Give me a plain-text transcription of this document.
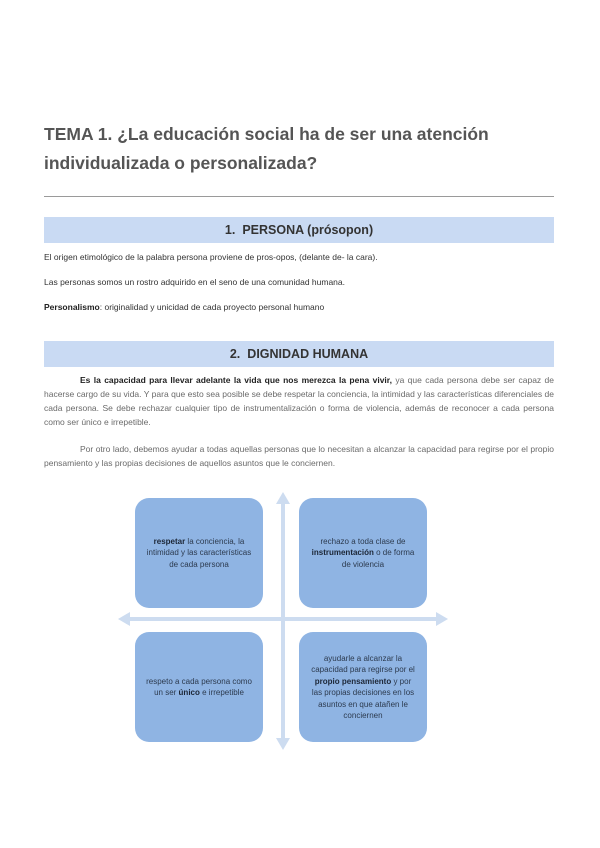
TEMA 1. ¿La educación social ha de ser una atención
individualizada o personalizada?
1. PERSONA (prósopon)
El origen etimológico de la palabra persona proviene de pros-opos, (delante de- la cara).
Las personas somos un rostro adquirido en el seno de una comunidad humana.
Personalismo: originalidad y unicidad de cada proyecto personal humano
2. DIGNIDAD HUMANA
Es la capacidad para llevar adelante la vida que nos merezca la pena vivir, ya que cada persona debe ser capaz de hacerse cargo de su vida. Y para que esto sea posible se debe respetar la conciencia, la intimidad y las características diferenciales de cada persona. Se debe rechazar cualquier tipo de instrumentalización o forma de violencia, además de reconocer a cada persona como ser único e irrepetible.
Por otro lado, debemos ayudar a todas aquellas personas que lo necesitan a alcanzar la capacidad para regirse por el propio pensamiento y las propias decisiones de aquellos asuntos que le conciernen.
respetar la conciencia, la intimidad y las características de cada persona
rechazo a toda clase de instrumentación o de forma de violencia
respeto a cada persona como un ser único e irrepetible
ayudarle a alcanzar la capacidad para regirse por el propio pensamiento y por las propias decisiones en los asuntos en que atañen le conciernen
